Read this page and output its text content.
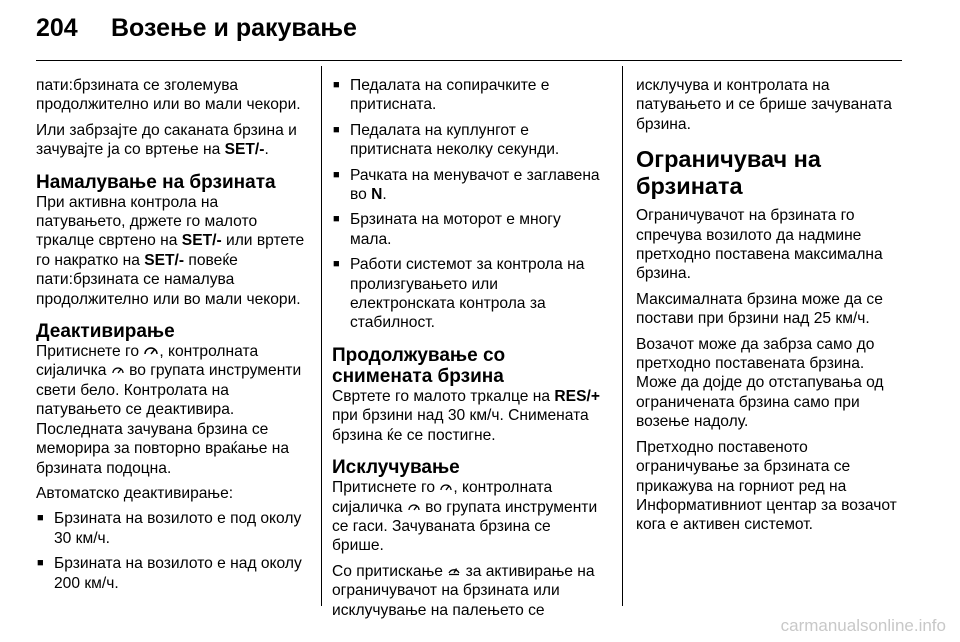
204	Возење и ракување

пати:брзината се зголемува продолжително или во мали чекори.

Или забрзајте до саканата брзина и зачувајте ја со вртење на SET/-.

Намалување на брзината

При активна контрола на патувањето, држете го малото тркалце свртено на SET/- или вртете го накратко на SET/- повеќе пати:брзината се намалува продолжително или во мали чекори.

Деактивирање

Притиснете го , контролната сијаличка  во групата инструменти свети бело. Контролата на патувањето се деактивира. Последната зачувана брзина се меморира за повторно враќање на брзината подоцна.

Автоматско деактивирање:

■ Брзината на возилото е под околу 30 км/ч.
■ Брзината на возилото е над околу 200 км/ч.
■ Педалата на сопирачките е притисната.
■ Педалата на куплунгот е притисната неколку секунди.
■ Рачката на менувачот е заглавена во N.
■ Брзината на моторот е многу мала.
■ Работи системот за контрола на пролизгувањето или електронската контрола за стабилност.
Продолжување со снимената брзина

Свртете го малото тркалце на RES/+ при брзини над 30 км/ч. Снимената брзина ќе се постигне.

Исклучување

Притиснете го , контролната сијаличка  во групата инструменти се гаси. Зачуваната брзина се брише.

Со притискање  за активирање на ограничувачот на брзината или исклучување на палењето се

исклучува и контролата на патувањето и се брише зачуваната брзина.

Ограничувач на брзината

Ограничувачот на брзината го спречува возилото да надмине претходно поставена максимална брзина.

Максималната брзина може да се постави при брзини над 25 км/ч.

Возачот може да забрза само до претходно поставената брзина. Може да дојде до отстапувања од ограничената брзина само при возење надолу.

Претходно поставеното ограничување за брзината се прикажува на горниот ред на Информативниот центар за возачот кога е активен системот.

carmanualsonline.info
